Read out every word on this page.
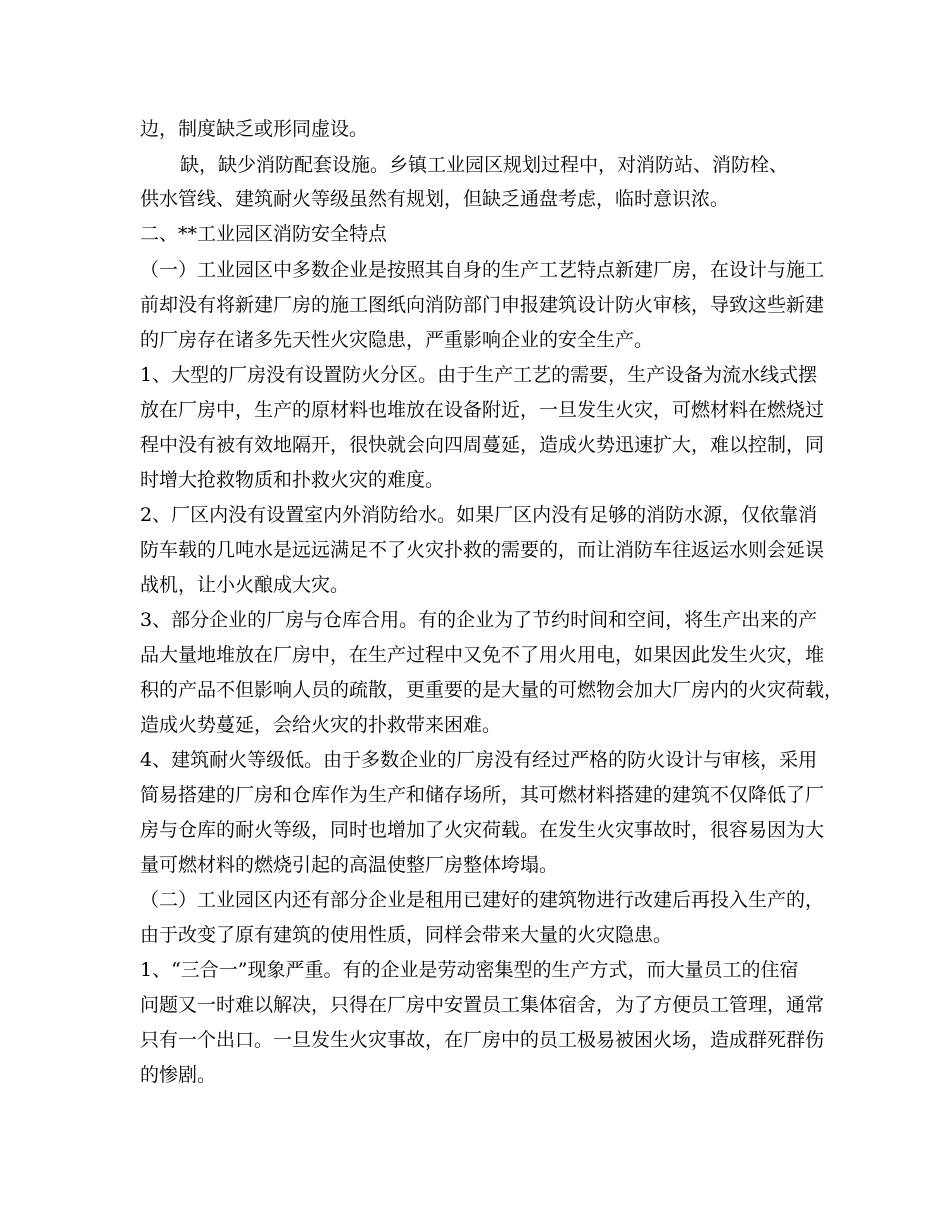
边，制度缺乏或形同虚设。

缺，缺少消防配套设施。乡镇工业园区规划过程中，对消防站、消防栓、

供水管线、建筑耐火等级虽然有规划，但缺乏通盘考虑，临时意识浓。

二、**工业园区消防安全特点

（一）工业园区中多数企业是按照其自身的生产工艺特点新建厂房，在设计与施工

前却没有将新建厂房的施工图纸向消防部门申报建筑设计防火审核，导致这些新建

的厂房存在诸多先天性火灾隐患，严重影响企业的安全生产。

1、大型的厂房没有设置防火分区。由于生产工艺的需要，生产设备为流水线式摆

放在厂房中，生产的原材料也堆放在设备附近，一旦发生火灾，可燃材料在燃烧过

程中没有被有效地隔开，很快就会向四周蔓延，造成火势迅速扩大，难以控制，同

时增大抢救物质和扑救火灾的难度。

2、厂区内没有设置室内外消防给水。如果厂区内没有足够的消防水源，仅依靠消

防车载的几吨水是远远满足不了火灾扑救的需要的，而让消防车往返运水则会延误

战机，让小火酿成大灾。

3、部分企业的厂房与仓库合用。有的企业为了节约时间和空间，将生产出来的产

品大量地堆放在厂房中，在生产过程中又免不了用火用电，如果因此发生火灾，堆

积的产品不但影响人员的疏散，更重要的是大量的可燃物会加大厂房内的火灾荷载，

造成火势蔓延，会给火灾的扑救带来困难。

4、建筑耐火等级低。由于多数企业的厂房没有经过严格的防火设计与审核，采用

简易搭建的厂房和仓库作为生产和储存场所，其可燃材料搭建的建筑不仅降低了厂

房与仓库的耐火等级，同时也增加了火灾荷载。在发生火灾事故时，很容易因为大

量可燃材料的燃烧引起的高温使整厂房整体垮塌。

（二）工业园区内还有部分企业是租用已建好的建筑物进行改建后再投入生产的，

由于改变了原有建筑的使用性质，同样会带来大量的火灾隐患。

1、“三合一”现象严重。有的企业是劳动密集型的生产方式，而大量员工的住宿

问题又一时难以解决，只得在厂房中安置员工集体宿舍，为了方便员工管理，通常

只有一个出口。一旦发生火灾事故，在厂房中的员工极易被困火场，造成群死群伤

的惨剧。
